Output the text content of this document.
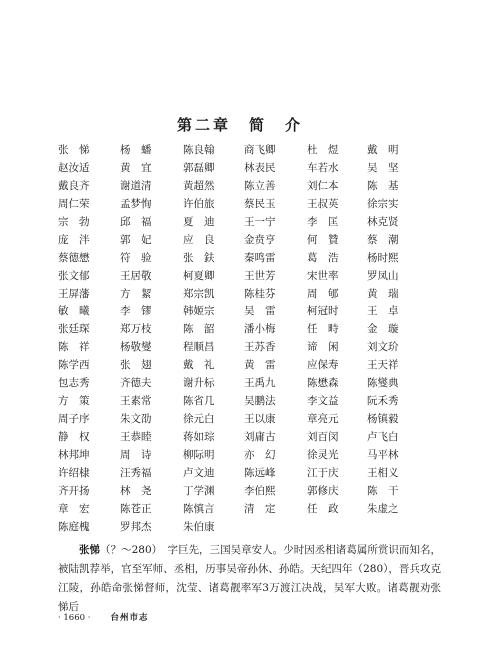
第二章　简　介
张　悌	杨　蟠	陈良翰	商飞卿	杜　煜	戴　明
赵汝适	黄　宜	郭磊卿	林表民	车若水	吴　坚
戴良齐	谢道清	黄超然	陈立善	刘仁本	陈　基
周仁荣	孟梦恂	许伯旅	蔡民玉	王叔英	徐宗实
宗　勃	邱　福	夏　迪	王一宁	李　匡	林克贤
庞　泮	郭　妃	应　良	金贲亨	何　贊	蔡　潮
蔡德懋	符　验	张　鈇	秦鸣雷	葛　浩	杨时熙
张文郁	王居敬	柯夏卿	王世芳	宋世率	罗凤山
王屏藩	方　絜	郑宗凯	陈桂芬	周　郇	黄　瑞
敏　曦	李　镠	韩姬宗	吴　雷	柯冠时	王　卓
张廷琛	郑万枝	陈　韶	潘小梅	任　畤	金　璇
陈　祥	杨敬燮	程顺昌	王苏香	谛　闲	刘文玠
陈学西	张　翅	戴　礼	黄　雷	应保寿	王天祥
包志秀	齐德夫	谢升标	王禹九	陈懋森	陈燮典
方　策	王素常	陈省几	吴鹏法	李文益	阮禾秀
周子序	朱文劭	徐元白	王以康	章亮元	杨镇毅
静　权	王恭睦	蒋如琮	刘庸古	刘百闵	卢飞白
林邦坤	周　诗	柳际明	亦　幻	徐灵光	马平林
许绍棣	汪秀福	卢文迪	陈远峰	江于庆	王相义
齐开扬	林　尧	丁学渊	李伯熙	郭修庆	陈　干
章　宏	陈苍正	陈慎言	清　定	任　政	朱虚之
陈庭槐	罗邦杰	朱伯康

张悌（？～280）　字巨先，三国吴章安人。少时因丞相诸葛属所赏识而知名，被陆凯荐举，官至军师、丞相，历事吴帝孙休、孙皓。天纪四年（280），晋兵攻克江陵，孙皓命张悌督师，沈莹、诸葛靓率军3万渡江决战，吴军大败。诸葛靓劝张悌后

· 1660 · 台州市志
